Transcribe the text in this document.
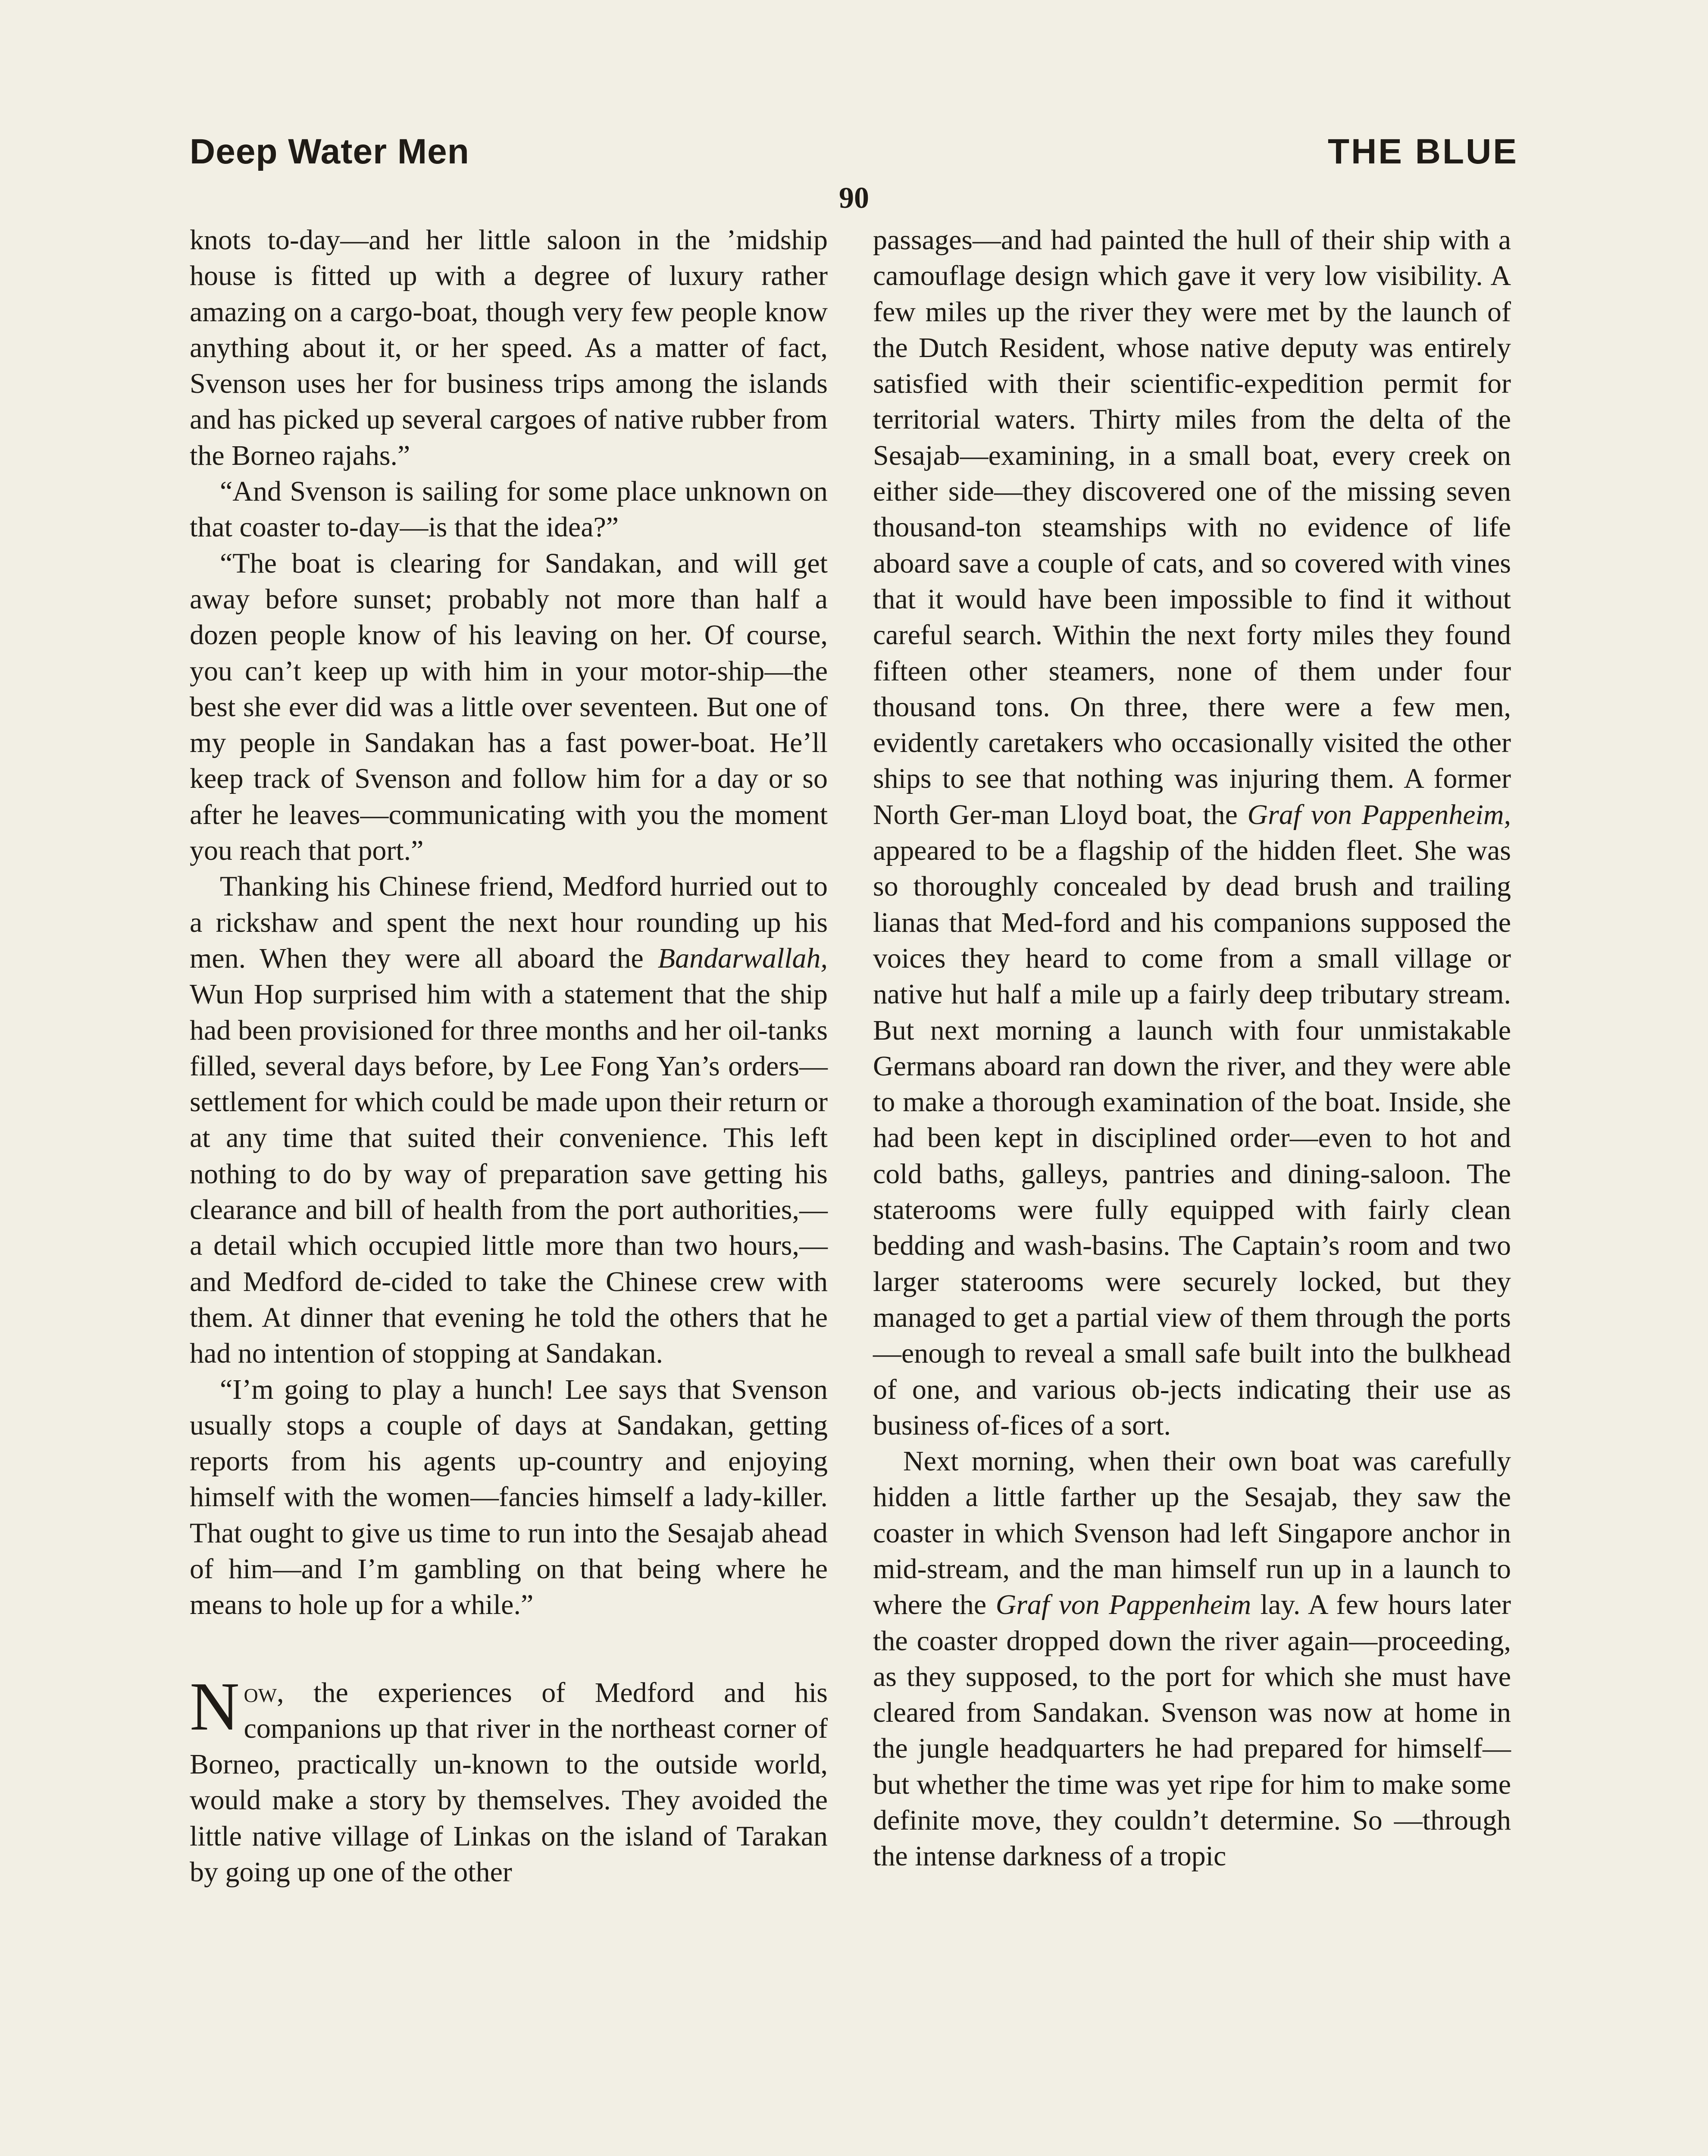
Deep Water Men	THE BLUE
90

knots to-day—and her little saloon in the ’midship house is fitted up with a degree of luxury rather amazing on a cargo-boat, though very few people know anything about it, or her speed. As a matter of fact, Svenson uses her for business trips among the islands and has picked up several cargoes of native rubber from the Borneo rajahs.”

“And Svenson is sailing for some place unknown on that coaster to-day—is that the idea?”

“The boat is clearing for Sandakan, and will get away before sunset; probably not more than half a dozen people know of his leaving on her. Of course, you can’t keep up with him in your motor-ship—the best she ever did was a little over seventeen. But one of my people in Sandakan has a fast power-boat. He’ll keep track of Svenson and follow him for a day or so after he leaves—communicating with you the moment you reach that port.”

Thanking his Chinese friend, Medford hurried out to a rickshaw and spent the next hour rounding up his men. When they were all aboard the Bandarwallah, Wun Hop surprised him with a statement that the ship had been provisioned for three months and her oil-tanks filled, several days before, by Lee Fong Yan’s orders—settlement for which could be made upon their return or at any time that suited their convenience. This left nothing to do by way of preparation save getting his clearance and bill of health from the port authorities,—a detail which occupied little more than two hours,—and Medford de-cided to take the Chinese crew with them. At dinner that evening he told the others that he had no intention of stopping at Sandakan.

“I’m going to play a hunch! Lee says that Svenson usually stops a couple of days at Sandakan, getting reports from his agents up-country and enjoying himself with the women—fancies himself a lady-killer. That ought to give us time to run into the Sesajab ahead of him—and I’m gambling on that being where he means to hole up for a while.”

Now, the experiences of Medford and his companions up that river in the northeast corner of Borneo, practically un-known to the outside world, would make a story by themselves. They avoided the little native village of Linkas on the island of Tarakan by going up one of the other

passages—and had painted the hull of their ship with a camouflage design which gave it very low visibility. A few miles up the river they were met by the launch of the Dutch Resident, whose native deputy was entirely satisfied with their scientific-expedition permit for territorial waters. Thirty miles from the delta of the Sesajab—examining, in a small boat, every creek on either side—they discovered one of the missing seven thousand-ton steamships with no evidence of life aboard save a couple of cats, and so covered with vines that it would have been impossible to find it without careful search. Within the next forty miles they found fifteen other steamers, none of them under four thousand tons. On three, there were a few men, evidently caretakers who occasionally visited the other ships to see that nothing was injuring them. A former North Ger-man Lloyd boat, the Graf von Pappenheim, appeared to be a flagship of the hidden fleet. She was so thoroughly concealed by dead brush and trailing lianas that Med-ford and his companions supposed the voices they heard to come from a small village or native hut half a mile up a fairly deep tributary stream. But next morning a launch with four unmistakable Germans aboard ran down the river, and they were able to make a thorough examination of the boat. Inside, she had been kept in disciplined order—even to hot and cold baths, galleys, pantries and dining-saloon. The staterooms were fully equipped with fairly clean bedding and wash-basins. The Captain’s room and two larger staterooms were securely locked, but they managed to get a partial view of them through the ports—enough to reveal a small safe built into the bulkhead of one, and various ob-jects indicating their use as business of-fices of a sort.

Next morning, when their own boat was carefully hidden a little farther up the Sesajab, they saw the coaster in which Svenson had left Singapore anchor in mid-stream, and the man himself run up in a launch to where the Graf von Pappenheim lay. A few hours later the coaster dropped down the river again—proceeding, as they supposed, to the port for which she must have cleared from Sandakan. Svenson was now at home in the jungle headquarters he had prepared for himself—but whether the time was yet ripe for him to make some definite move, they couldn’t determine. So —through the intense darkness of a tropic
